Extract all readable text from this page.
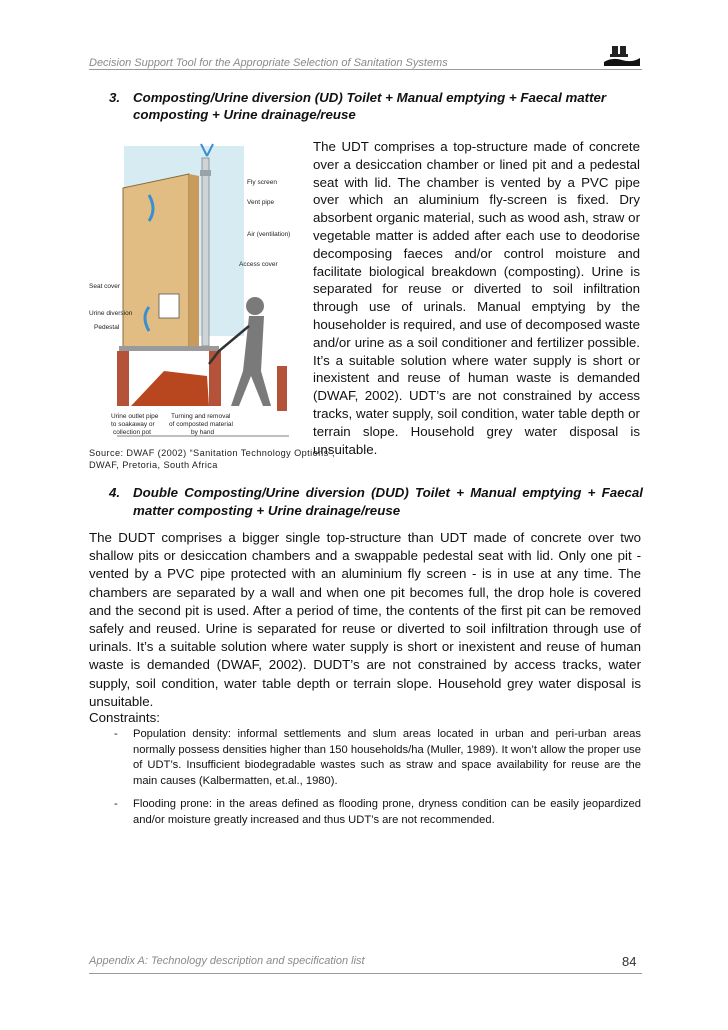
Decision Support Tool for the Appropriate Selection of Sanitation Systems
3. Composting/Urine diversion (UD) Toilet + Manual emptying + Faecal matter composting + Urine drainage/reuse
Fly screen
Vent pipe
Air (ventilation)
Access cover
Seat cover
Urine diversion
Pedestal
Urine outlet pipe
to soakaway or
collection pot
Turning and removal
of composted material
by hand
Source: DWAF (2002) “Sanitation Technology Options”,
DWAF, Pretoria, South Africa
The UDT comprises a top-structure made of concrete over a desiccation chamber or lined pit and a pedestal seat with lid. The chamber is vented by a PVC pipe over which an aluminium fly-screen is fixed. Dry absorbent organic material, such as wood ash, straw or vegetable matter is added after each use to deodorise decomposing faeces and/or control moisture and facilitate biological breakdown (composting). Urine is separated for reuse or diverted to soil infiltration through use of urinals. Manual emptying by the householder is required, and use of decomposed waste and/or urine as a soil conditioner and fertilizer possible. It’s a suitable solution where water supply is short or inexistent and reuse of human waste is demanded (DWAF, 2002). UDT’s are not constrained by access tracks, water supply, soil condition, water table depth or terrain slope. Household grey water disposal is unsuitable.
4. Double Composting/Urine diversion (DUD) Toilet + Manual emptying + Faecal matter composting + Urine drainage/reuse
The DUDT comprises a bigger single top-structure than UDT made of concrete over two shallow pits or desiccation chambers and a swappable pedestal seat with lid. Only one pit - vented by a PVC pipe protected with an aluminium fly screen - is in use at any time. The chambers are separated by a wall and when one pit becomes full, the drop hole is covered and the second pit is used. After a period of time, the contents of the first pit can be removed safely and reused. Urine is separated for reuse or diverted to soil infiltration through use of urinals. It’s a suitable solution where water supply is short or inexistent and reuse of human waste is demanded (DWAF, 2002). DUDT’s are not constrained by access tracks, water supply, soil condition, water table depth or terrain slope. Household grey water disposal is unsuitable.
Constraints:
- Population density: informal settlements and slum areas located in urban and peri-urban areas normally possess densities higher than 150 households/ha (Muller, 1989). It won’t allow the proper use of UDT’s. Insufficient biodegradable wastes such as straw and space availability for reuse are the main causes (Kalbermatten, et.al., 1980).
- Flooding prone: in the areas defined as flooding prone, dryness condition can be easily jeopardized and/or moisture greatly increased and thus UDT’s are not recommended.
Appendix A: Technology description and specification list	84
